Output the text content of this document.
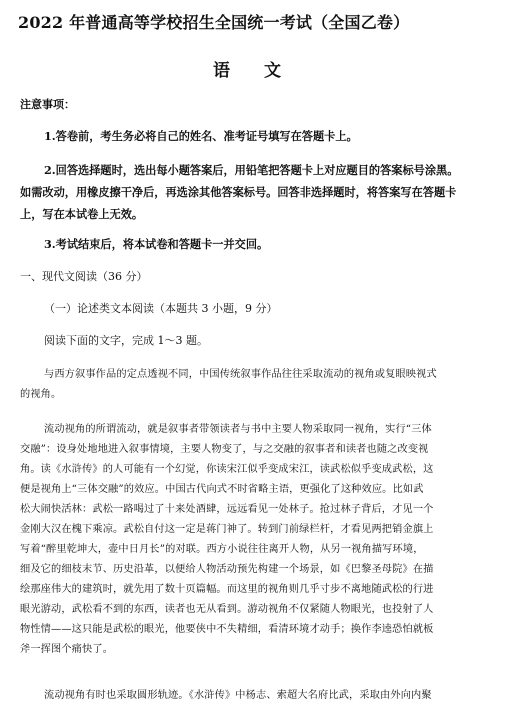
2022 年普通高等学校招生全国统一考试（全国乙卷）
语 文
注意事项：
1.答卷前，考生务必将自己的姓名、准考证号填写在答题卡上。
2.回答选择题时，选出每小题答案后，用铅笔把答题卡上对应题目的答案标号涂黑。
如需改动，用橡皮擦干净后，再选涂其他答案标号。回答非选择题时，将答案写在答题卡
上，写在本试卷上无效。
3.考试结束后，将本试卷和答题卡一并交回。
一、现代文阅读（36 分）
（一）论述类文本阅读（本题共 3 小题，9 分）
阅读下面的文字，完成 1～3 题。
与西方叙事作品的定点透视不同，中国传统叙事作品往往采取流动的视角或复眼映视式
的视角。
流动视角的所谓流动，就是叙事者带领读者与书中主要人物采取同一视角，实行“三体
交融”：设身处地地进入叙事情境，主要人物变了，与之交融的叙事者和读者也随之改变视
角。读《水浒传》的人可能有一个幻觉，你读宋江似乎变成宋江，读武松似乎变成武松，这
便是视角上“三体交融”的效应。中国古代向式不时省略主语，更强化了这种效应。比如武
松大闹快活林：武松一路喝过了十来处酒肆，远远看见一处林子。抢过林子背后，才见一个
金刚大汉在槐下乘凉。武松自付这一定是蒋门神了。转到门前绿栏杆，才看见两把销金旗上
写着“醉里乾坤大，壶中日月长”的对联。西方小说往往离开人物，从另一视角描写环境，
细及它的细枝末节、历史沿革，以便给人物活动预先构建一个场景，如《巴黎圣母院》在描
绘那座伟大的建筑时，就先用了数十页篇幅。而这里的视角则几乎寸步不离地随武松的行进
眼光游动，武松看不到的东西，读者也无从看到。游动视角不仅紧随人物眼光，也投射了人
物性情——这只能是武松的眼光，他要侠中不失精细，看清环境才动手；换作李逵恐怕就板
斧一挥图个痛快了。
流动视角有时也采取圆形轨迹。《水浒传》中杨志、索超大名府比武，采取由外向内聚
